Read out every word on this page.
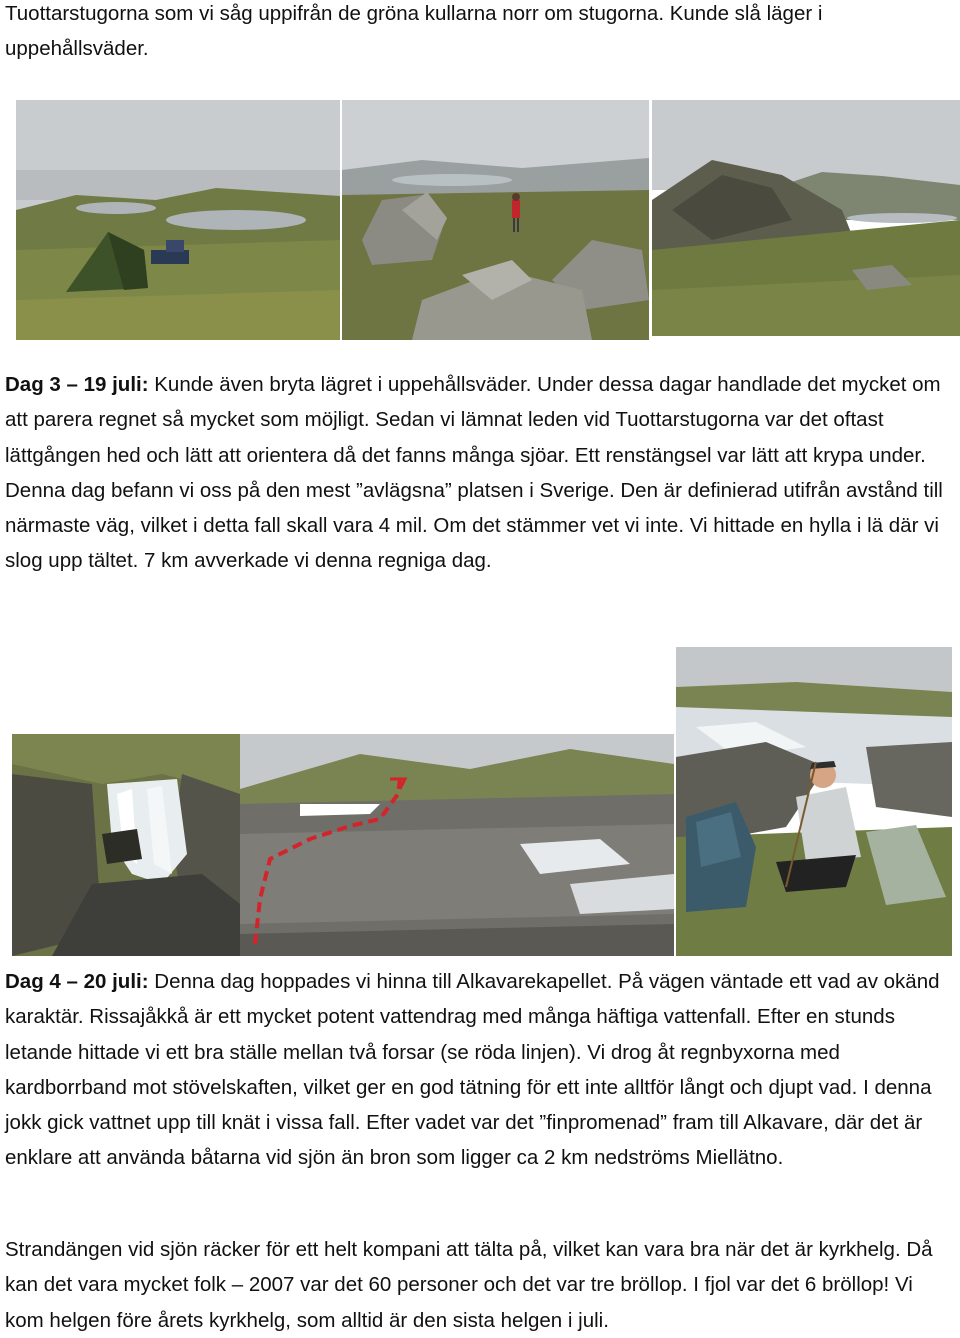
Tuottarstugorna som vi såg uppifrån de gröna kullarna norr om stugorna. Kunde slå läger i uppehållsväder.

Dag 3 – 19 juli: Kunde även bryta lägret i uppehållsväder. Under dessa dagar handlade det mycket om att parera regnet så mycket som möjligt. Sedan vi lämnat leden vid Tuottarstugorna var det oftast lättgången hed och lätt att orientera då det fanns många sjöar. Ett renstängsel var lätt att krypa under. Denna dag befann vi oss på den mest ”avlägsna” platsen i Sverige. Den är definierad utifrån avstånd till närmaste väg, vilket i detta fall skall vara 4 mil. Om det stämmer vet vi inte. Vi hittade en hylla i lä där vi slog upp tältet. 7 km avverkade vi denna regniga dag.

Dag 4 – 20 juli: Denna dag hoppades vi hinna till Alkavarekapellet. På vägen väntade ett vad av okänd karaktär. Rissajåkkå är ett mycket potent vattendrag med många häftiga vattenfall. Efter en stunds letande hittade vi ett bra ställe mellan två forsar (se röda linjen). Vi drog åt regnbyxorna med kardborrband mot stövelskaften, vilket ger en god tätning för ett inte alltför långt och djupt vad. I denna jokk gick vattnet upp till knät i vissa fall. Efter vadet var det ”finpromenad” fram till Alkavare, där det är enklare att använda båtarna vid sjön än bron som ligger ca 2 km nedströms Miellätno.

Strandängen vid sjön räcker för ett helt kompani att tälta på, vilket kan vara bra när det är kyrkhelg. Då kan det vara mycket folk – 2007 var det 60 personer och det var tre bröllop. I fjol var det 6 bröllop! Vi kom helgen före årets kyrkhelg, som alltid är den sista helgen i juli.
